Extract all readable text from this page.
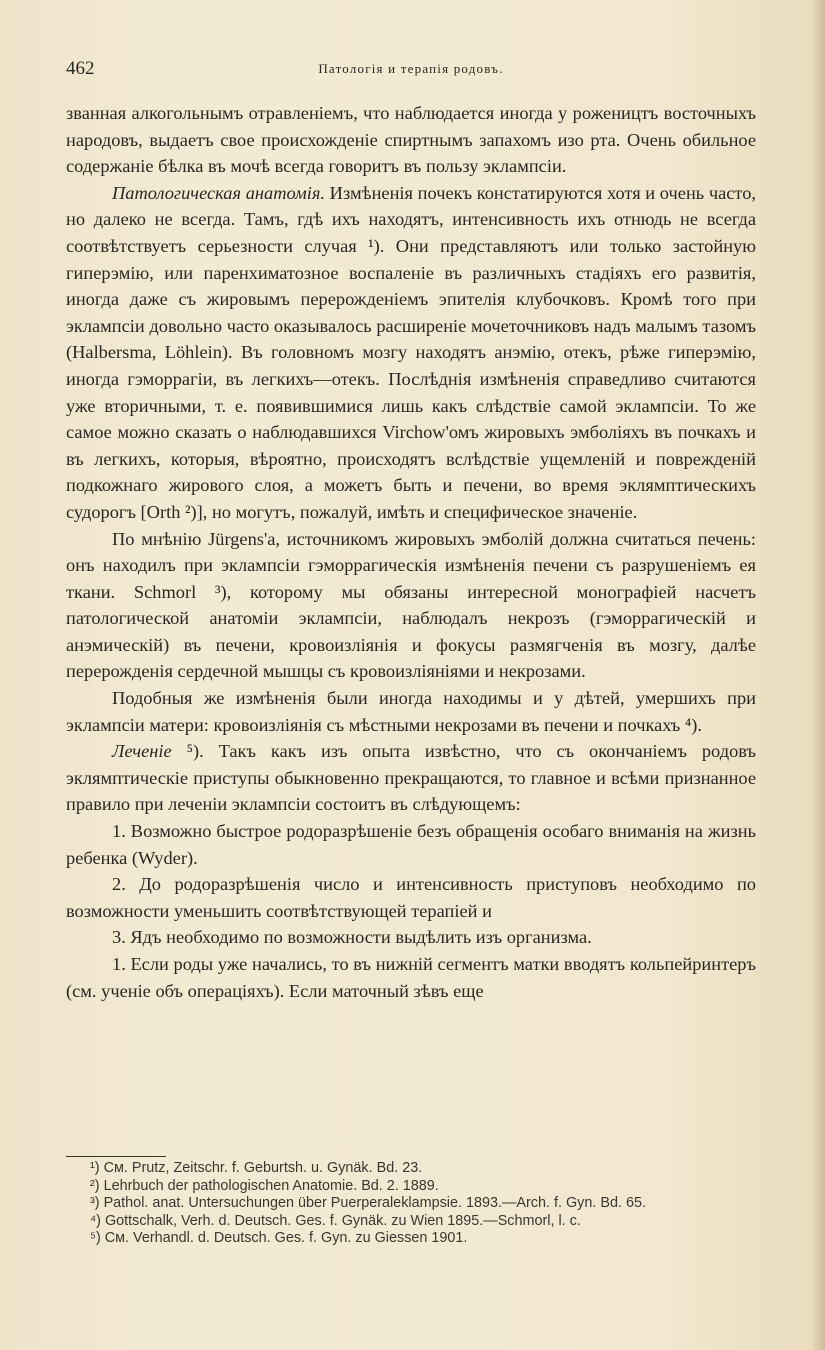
462	Патологія и терапія родовъ.

званная алкогольнымъ отравленіемъ, что наблюдается иногда у рожеництъ восточныхъ народовъ, выдаетъ свое происхожденіе спиртнымъ запахомъ изо рта. Очень обильное содержаніе бѣлка въ мочѣ всегда говоритъ въ пользу эклампсіи.

Патологическая анатомія. Измѣненія почекъ констатируются хотя и очень часто, но далеко не всегда. Тамъ, гдѣ ихъ находятъ, интенсивность ихъ отнюдь не всегда соотвѣтствуетъ серьезности случая ¹). Они представляютъ или только застойную гиперэмію, или паренхиматозное воспаленіе въ различныхъ стадіяхъ его развитія, иногда даже съ жировымъ перерожденіемъ эпителія клубочковъ. Кромѣ того при эклампсіи довольно часто оказывалось расширеніе мочеточниковъ надъ малымъ тазомъ (Halbersma, Löhlein). Въ головномъ мозгу находятъ анэмію, отекъ, рѣже гиперэмію, иногда гэморрагіи, въ легкихъ—отекъ. Послѣднія измѣненія справедливо считаются уже вторичными, т. е. появившимися лишь какъ слѣдствіе самой эклампсіи. То же самое можно сказать о наблюдавшихся Virchow'омъ жировыхъ эмболіяхъ въ почкахъ и въ легкихъ, которыя, вѣроятно, происходятъ вслѣдствіе ущемленій и поврежденій подкожнаго жирового слоя, а можетъ быть и печени, во время эклямптическихъ судорогъ [Orth ²)], но могутъ, пожалуй, имѣть и специфическое значеніе.

По мнѣнію Jürgens'а, источникомъ жировыхъ эмболій должна считаться печень: онъ находилъ при эклампсіи гэморрагическія измѣненія печени съ разрушеніемъ ея ткани. Schmorl ³), которому мы обязаны интересной монографіей насчетъ патологической анатоміи эклампсіи, наблюдалъ некрозъ (гэморрагическій и анэмическій) въ печени, кровоизліянія и фокусы размягченія въ мозгу, далѣе перерожденія сердечной мышцы съ кровоизліяніями и некрозами.

Подобныя же измѣненія были иногда находимы и у дѣтей, умершихъ при эклампсіи матери: кровоизліянія съ мѣстными некрозами въ печени и почкахъ ⁴).

Леченіе ⁵). Такъ какъ изъ опыта извѣстно, что съ окончаніемъ родовъ эклямптическіе приступы обыкновенно прекращаются, то главное и всѣми признанное правило при леченіи эклампсіи состоитъ въ слѣдующемъ:

1. Возможно быстрое родоразрѣшеніе безъ обращенія особаго вниманія на жизнь ребенка (Wyder).

2. До родоразрѣшенія число и интенсивность приступовъ необходимо по возможности уменьшить соотвѣтствующей терапіей и

3. Ядъ необходимо по возможности выдѣлить изъ организма.

1. Если роды уже начались, то въ нижній сегментъ матки вводятъ кольпейринтеръ (см. ученіе объ операціяхъ). Если маточный зѣвъ еще

¹) См. Prutz, Zeitschr. f. Geburtsh. u. Gynäk. Bd. 23.

²) Lehrbuch der pathologischen Anatomie. Bd. 2. 1889.

³) Pathol. anat. Untersuchungen über Puerperaleklampsie. 1893.—Arch. f. Gyn. Bd. 65.

⁴) Gottschalk, Verh. d. Deutsch. Ges. f. Gynäk. zu Wien 1895.—Schmorl, l. c.

⁵) См. Verhandl. d. Deutsch. Ges. f. Gyn. zu Giessen 1901.
